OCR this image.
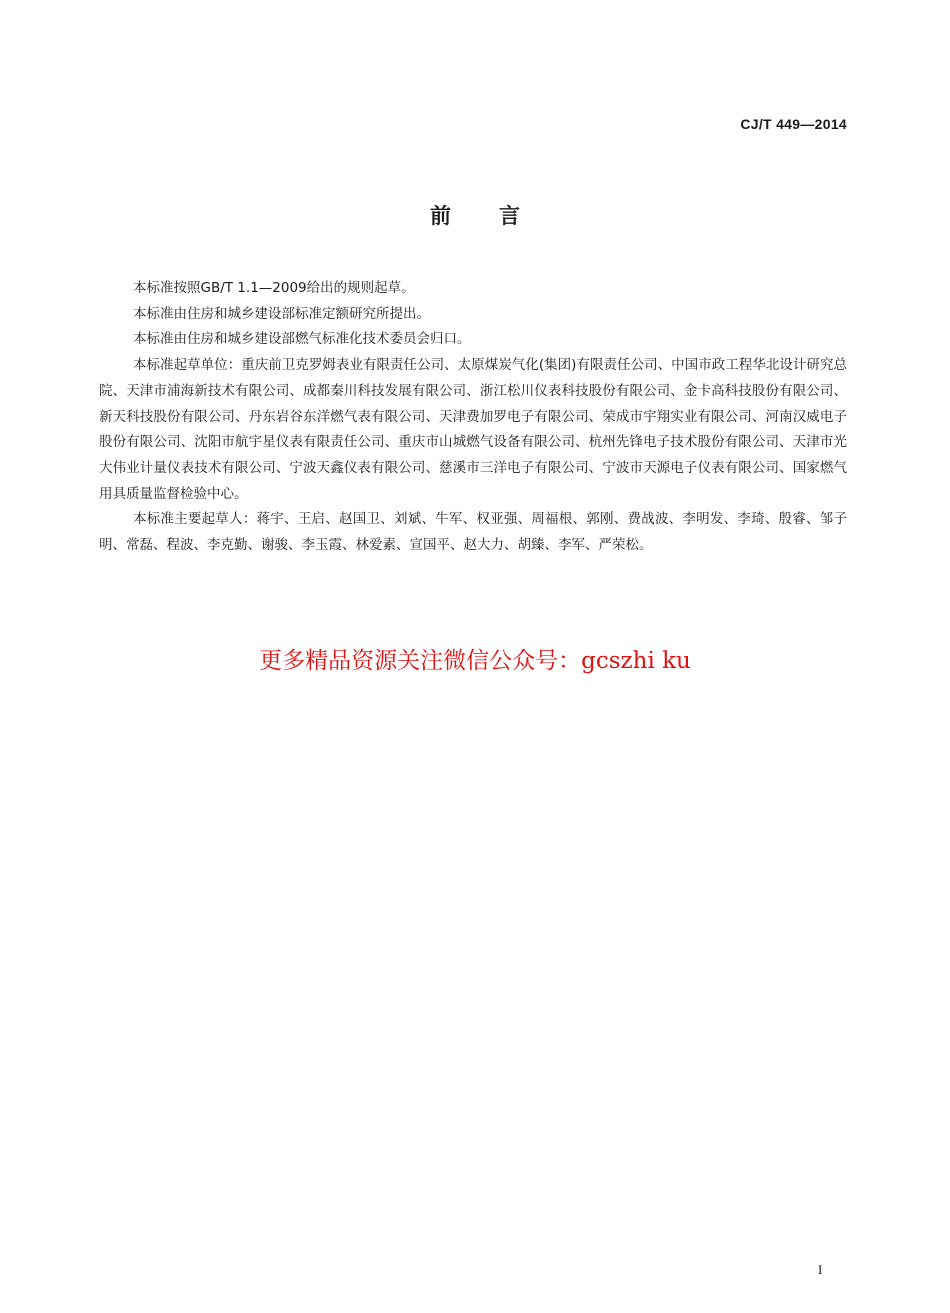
CJ/T 449—2014
前言

本标准按照GB/T 1.1—2009给出的规则起草。

本标准由住房和城乡建设部标准定额研究所提出。

本标准由住房和城乡建设部燃气标准化技术委员会归口。

本标准起草单位：重庆前卫克罗姆表业有限责任公司、太原煤炭气化(集团)有限责任公司、中国市政工程华北设计研究总院、天津市浦海新技术有限公司、成都秦川科技发展有限公司、浙江松川仪表科技股份有限公司、金卡高科技股份有限公司、新天科技股份有限公司、丹东岩谷东洋燃气表有限公司、天津费加罗电子有限公司、荣成市宇翔实业有限公司、河南汉威电子股份有限公司、沈阳市航宇星仪表有限责任公司、重庆市山城燃气设备有限公司、杭州先锋电子技术股份有限公司、天津市光大伟业计量仪表技术有限公司、宁波天鑫仪表有限公司、慈溪市三洋电子有限公司、宁波市天源电子仪表有限公司、国家燃气用具质量监督检验中心。

本标准主要起草人：蒋宇、王启、赵国卫、刘斌、牛军、权亚强、周福根、郭刚、费战波、李明发、李琦、殷睿、邹子明、常磊、程波、李克勤、谢骏、李玉霞、林爱素、宣国平、赵大力、胡臻、李军、严荣松。

更多精品资源关注微信公众号：gcszhi ku
I
